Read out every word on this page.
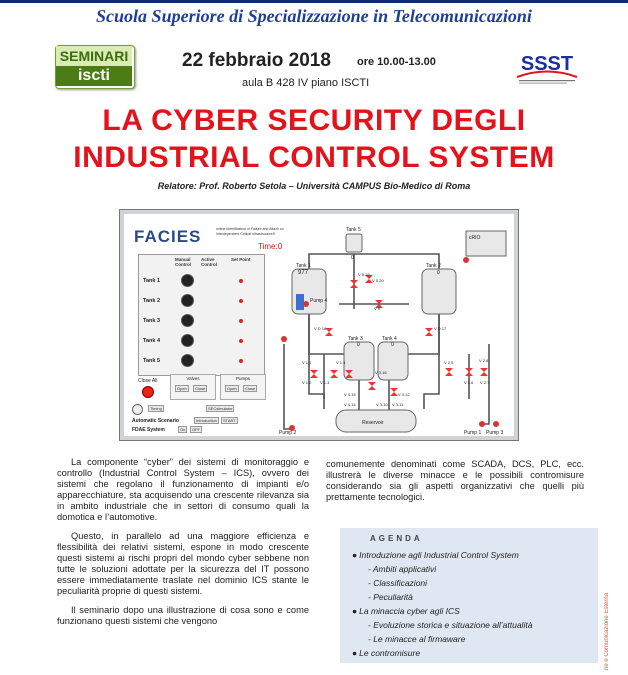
Scuola Superiore di Specializzazione in Telecomunicazioni
SEMINARI
iscti
22 febbraio 2018 ore 10.00-13.00
aula B 428 IV piano ISCTI
SSST
LA CYBER SECURITY DEGLI
INDUSTRIAL CONTROL SYSTEM
Relatore: Prof. Roberto Setola – Università CAMPUS Bio-Medico di Roma
FACIES	online Identification of Failure and Attack on interdependent Critical InfrastructureS
Time:0
Manual Control
Active Control
Set Point
Tank 1
Tank 2
Tank 3
Tank 4
Tank 5
Close All	Valves
Open	Close
Pumps
Open	Close
Timing	SECsimulator
Automatic Scenario	Introduction	START
FDAE System	On	OFF
Tank 5
0
Tank 1
977
Tank 2
0
Tank 3
0
Tank 4
0
cRIO
Reservoir
Pump 2	Pump 1 Pump 3
Pump 4
V 5.19
V 5.20
V 9
V D 18	V D 17
V 1.1
V 1.2 V 1.3
V 1.4
V 3.16
V 4.15
V 4.14
V 3.12
V 3.10 V 3.11
V 2.8
V 2.6 V 2.7
V 2.5

La componente “cyber” dei sistemi di monitoraggio e controllo (Industrial Control System – ICS), ovvero dei sistemi che regolano il funzionamento di impianti e/o apparecchiature, sta acquisendo una crescente rilevanza sia in ambito industriale che in settori di consumo quali la domotica e l’automotive.

Questo, in parallelo ad una maggiore efficienza e flessibilità dei relativi sistemi, espone in modo crescente questi sistemi ai rischi propri del mondo cyber sebbene non tutte le soluzioni adottate per la sicurezza del IT possono essere immediatamente traslate nel dominio ICS stante le peculiarità proprie di questi sistemi.

Il seminario dopo una illustrazione di cosa sono e come funzionano questi sistemi che vengono

comunemente denominati come SCADA, DCS, PLC, ecc. illustrerà le diverse minacce e le possibili contromisure considerando sia gli aspetti organizzativi che quelli più prettamente tecnologici.

AGENDA
● Introduzione agli Industrial Control System
- Ambiti applicativi
- Classificazioni
- Peculiarità
● La minaccia cyber agli ICS
- Evoluzione storica e situazione all’attualità
- Le minacce al firmaware
● Le contromisure	ne e Comunicazione Esterna
